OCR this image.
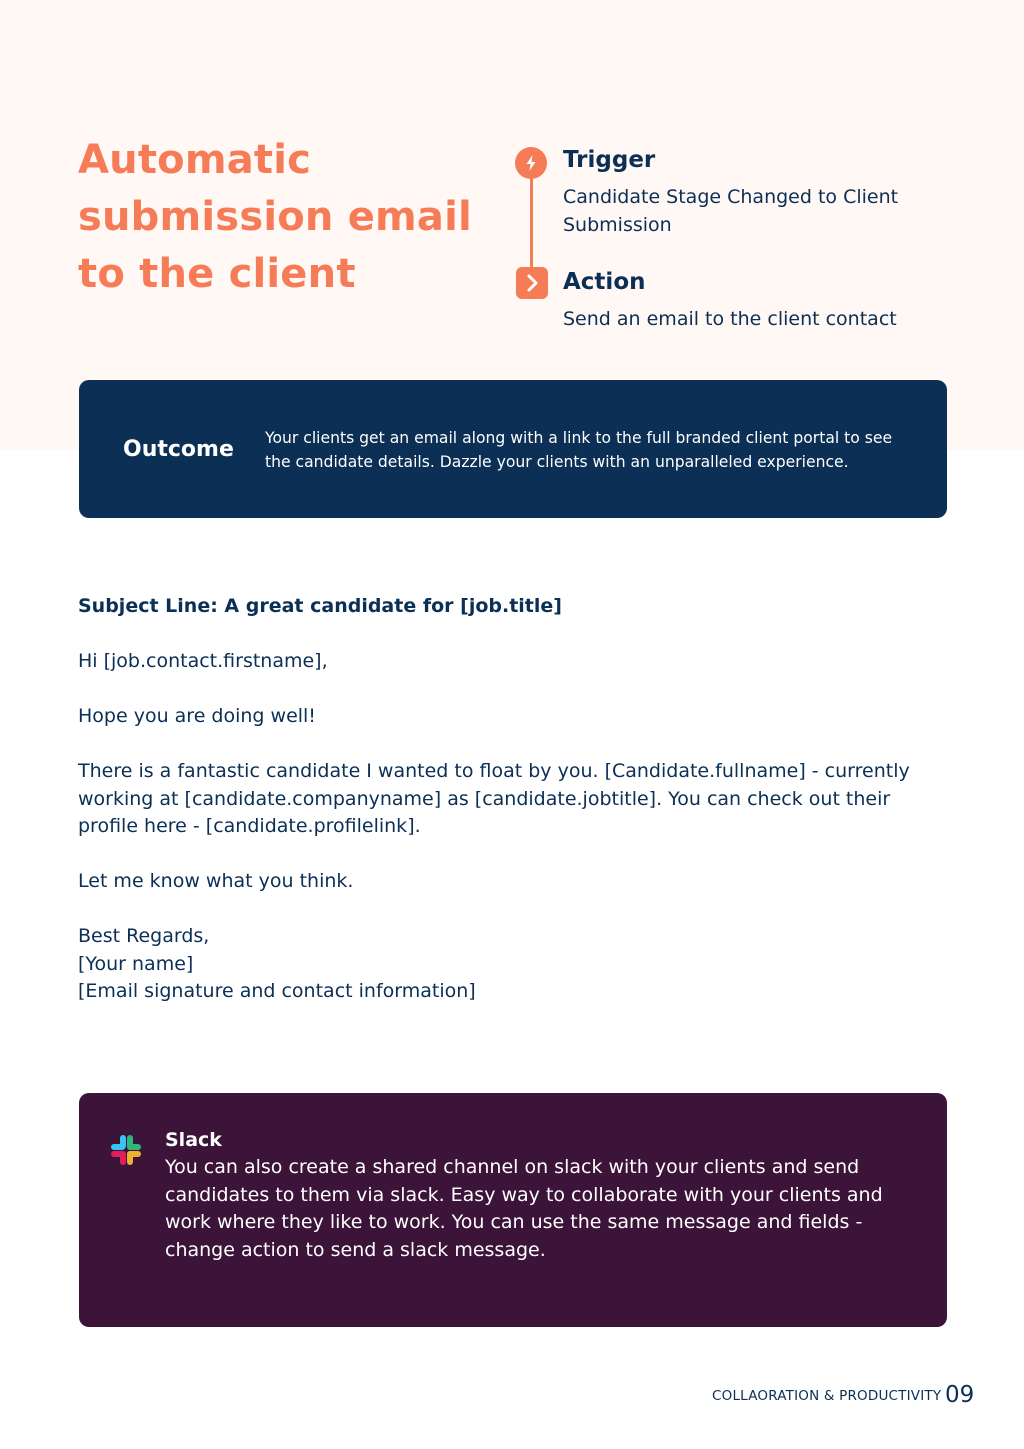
Automatic submission email to the client
Trigger
Candidate Stage Changed to Client Submission
Action
Send an email to the client contact
Outcome Your clients get an email along with a link to the full branded client portal to see the candidate details. Dazzle your clients with an unparalleled experience.
Subject Line: A great candidate for [job.title]

Hi [job.contact.firstname],

Hope you are doing well!

There is a fantastic candidate I wanted to float by you. [Candidate.fullname] - currently working at [candidate.companyname] as [candidate.jobtitle]. You can check out their profile here - [candidate.profilelink].

Let me know what you think.

Best Regards,

[Your name]

[Email signature and contact information]

Slack
You can also create a shared channel on slack with your clients and send candidates to them via slack. Easy way to collaborate with your clients and work where they like to work. You can use the same message and fields - change action to send a slack message.
COLLAORATION & PRODUCTIVITY 09
